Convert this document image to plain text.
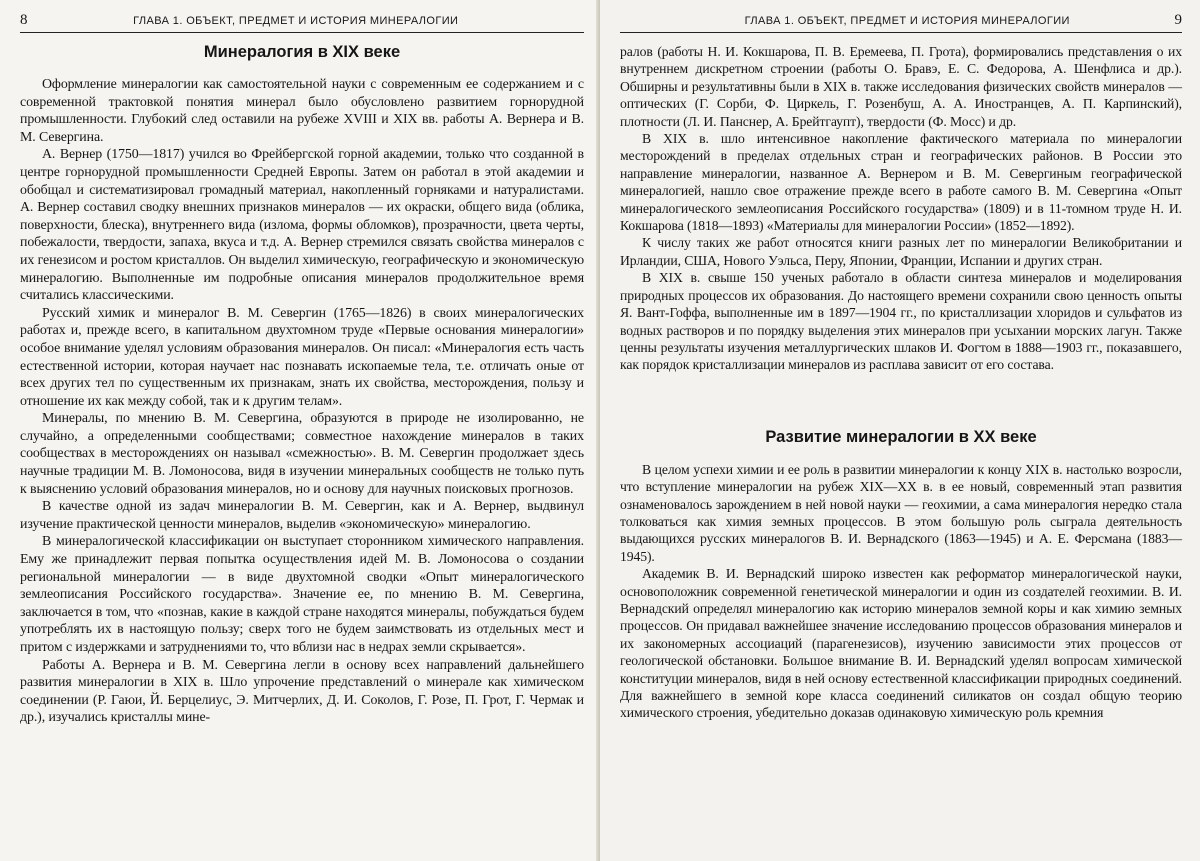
8	ГЛАВА 1. ОБЪЕКТ, ПРЕДМЕТ И ИСТОРИЯ МИНЕРАЛОГИИ
Минералогия в XIX веке

Оформление минералогии как самостоятельной науки с современным ее содержанием и с современной трактовкой понятия минерал было обусловлено развитием горнорудной промышленности. Глубокий след оставили на рубеже XVIII и XIX вв. работы А. Вернера и В. М. Севергина.

А. Вернер (1750—1817) учился во Фрейбергской горной академии, только что созданной в центре горнорудной промышленности Средней Европы. Затем он работал в этой академии и обобщал и систематизировал громадный материал, накопленный горняками и натуралистами. А. Вернер составил сводку внешних признаков минералов — их окраски, общего вида (облика, поверхности, блеска), внутреннего вида (излома, формы обломков), прозрачности, цвета черты, побежалости, твердости, запаха, вкуса и т.д. А. Вернер стремился связать свойства минералов с их генезисом и ростом кристаллов. Он выделил химическую, географическую и экономическую минералогию. Выполненные им подробные описания минералов продолжительное время считались классическими.

Русский химик и минералог В. М. Севергин (1765—1826) в своих минералогических работах и, прежде всего, в капитальном двухтомном труде «Первые основания минералогии» особое внимание уделял условиям образования минералов. Он писал: «Минералогия есть часть естественной истории, которая научает нас познавать ископаемые тела, т.е. отличать оные от всех других тел по существенным их признакам, знать их свойства, месторождения, пользу и отношение их как между собой, так и к другим телам».

Минералы, по мнению В. М. Севергина, образуются в природе не изолированно, не случайно, а определенными сообществами; совместное нахождение минералов в таких сообществах в месторождениях он называл «смежностью». В. М. Севергин продолжает здесь научные традиции М. В. Ломоносова, видя в изучении минеральных сообществ не только путь к выяснению условий образования минералов, но и основу для научных поисковых прогнозов.

В качестве одной из задач минералогии В. М. Севергин, как и А. Вернер, выдвинул изучение практической ценности минералов, выделив «экономическую» минералогию.

В минералогической классификации он выступает сторонником химического направления. Ему же принадлежит первая попытка осуществления идей М. В. Ломоносова о создании региональной минералогии — в виде двухтомной сводки «Опыт минералогического землеописания Российского государства». Значение ее, по мнению В. М. Севергина, заключается в том, что «познав, какие в каждой стране находятся минералы, побуждаться будем употреблять их в настоящую пользу; сверх того не будем заимствовать из отдельных мест и притом с издержками и затруднениями то, что вблизи нас в недрах земли скрывается».

Работы А. Вернера и В. М. Севергина легли в основу всех направлений дальнейшего развития минералогии в XIX в. Шло упрочение представлений о минерале как химическом соединении (Р. Гаюи, Й. Берцелиус, Э. Митчерлих, Д. И. Соколов, Г. Розе, П. Грот, Г. Чермак и др.), изучались кристаллы мине-

ГЛАВА 1. ОБЪЕКТ, ПРЕДМЕТ И ИСТОРИЯ МИНЕРАЛОГИИ	9

ралов (работы Н. И. Кокшарова, П. В. Еремеева, П. Грота), формировались представления о их внутреннем дискретном строении (работы О. Бравэ, Е. С. Федорова, А. Шенфлиса и др.). Обширны и результативны были в XIX в. также исследования физических свойств минералов — оптических (Г. Сорби, Ф. Циркель, Г. Розенбуш, А. А. Иностранцев, А. П. Карпинский), плотности (Л. И. Панснер, А. Брейтгаупт), твердости (Ф. Мосс) и др.

В XIX в. шло интенсивное накопление фактического материала по минералогии месторождений в пределах отдельных стран и географических районов. В России это направление минералогии, названное А. Вернером и В. М. Севергиным географической минералогией, нашло свое отражение прежде всего в работе самого В. М. Севергина «Опыт минералогического землеописания Российского государства» (1809) и в 11-томном труде Н. И. Кокшарова (1818—1893) «Материалы для минералогии России» (1852—1892).

К числу таких же работ относятся книги разных лет по минералогии Великобритании и Ирландии, США, Нового Уэльса, Перу, Японии, Франции, Испании и других стран.

В XIX в. свыше 150 ученых работало в области синтеза минералов и моделирования природных процессов их образования. До настоящего времени сохранили свою ценность опыты Я. Вант-Гоффа, выполненные им в 1897—1904 гг., по кристаллизации хлоридов и сульфатов из водных растворов и по порядку выделения этих минералов при усыхании морских лагун. Также ценны результаты изучения металлургических шлаков И. Фогтом в 1888—1903 гг., показавшего, как порядок кристаллизации минералов из расплава зависит от его состава.

Развитие минералогии в XX веке

В целом успехи химии и ее роль в развитии минералогии к концу XIX в. настолько возросли, что вступление минералогии на рубеж XIX—XX в. в ее новый, современный этап развития ознаменовалось зарождением в ней новой науки — геохимии, а сама минералогия нередко стала толковаться как химия земных процессов. В этом большую роль сыграла деятельность выдающихся русских минералогов В. И. Вернадского (1863—1945) и А. Е. Ферсмана (1883—1945).

Академик В. И. Вернадский широко известен как реформатор минералогической науки, основоположник современной генетической минералогии и один из создателей геохимии. В. И. Вернадский определял минералогию как историю минералов земной коры и как химию земных процессов. Он придавал важнейшее значение исследованию процессов образования минералов и их закономерных ассоциаций (парагенезисов), изучению зависимости этих процессов от геологической обстановки. Большое внимание В. И. Вернадский уделял вопросам химической конституции минералов, видя в ней основу естественной классификации природных соединений. Для важнейшего в земной коре класса соединений силикатов он создал общую теорию химического строения, убедительно доказав одинаковую химическую роль кремния
